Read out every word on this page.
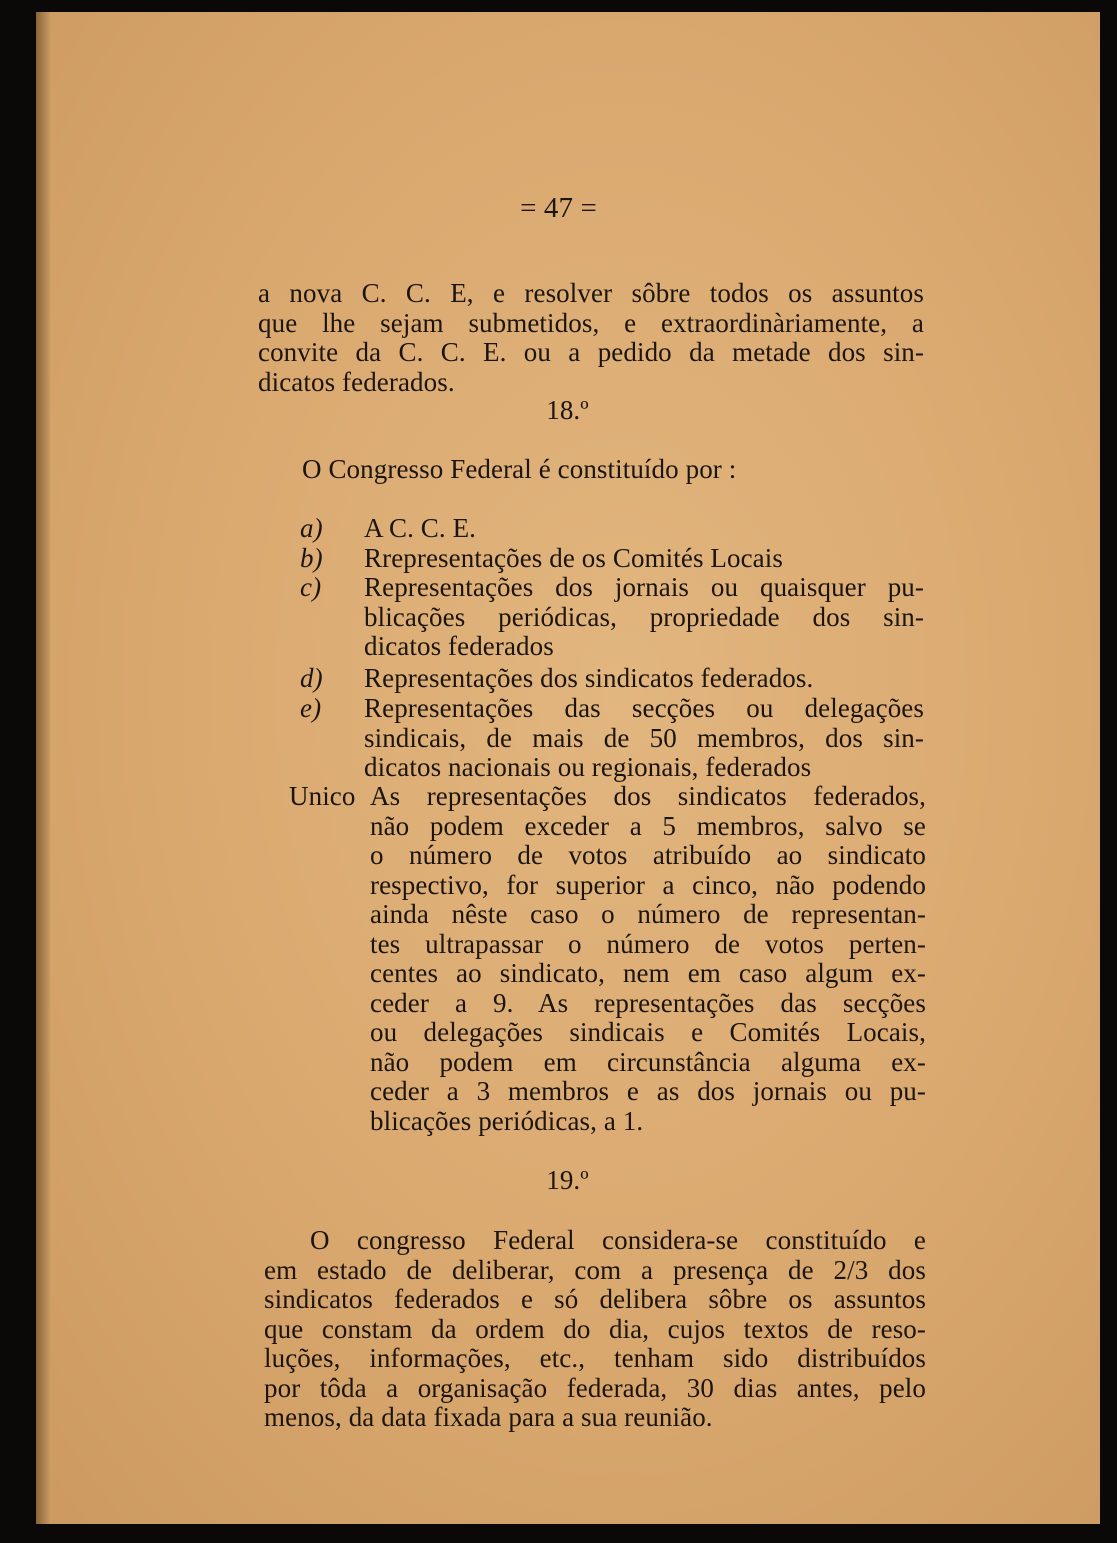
= 47 =
a nova C. C. E, e resolver sôbre todos os assuntos
que lhe sejam submetidos, e extraordinàriamente, a
convite da C. C. E. ou a pedido da metade dos sin-
dicatos federados.
18.º
O Congresso Federal é constituído por :
a)	A C. C. E.
b)	Rrepresentações de os Comités Locais
c)	Representações dos jornais ou quaisquer pu-
blicações periódicas, propriedade dos sin-
dicatos federados
d)	Representações dos sindicatos federados.
e)	Representações das secções ou delegações
sindicais, de mais de 50 membros, dos sin-
dicatos nacionais ou regionais, federados
Unico As representações dos sindicatos federados,
não podem exceder a 5 membros, salvo se
o número de votos atribuído ao sindicato
respectivo, for superior a cinco, não podendo
ainda nêste caso o número de representan-
tes ultrapassar o número de votos perten-
centes ao sindicato, nem em caso algum ex-
ceder a 9. As representações das secções
ou delegações sindicais e Comités Locais,
não podem em circunstância alguma ex-
ceder a 3 membros e as dos jornais ou pu-
blicações periódicas, a 1.
19.º
O congresso Federal considera-se constituído e
em estado de deliberar, com a presença de 2/3 dos
sindicatos federados e só delibera sôbre os assuntos
que constam da ordem do dia, cujos textos de reso-
luções, informações, etc., tenham sido distribuídos
por tôda a organisação federada, 30 dias antes, pelo
menos, da data fixada para a sua reunião.
